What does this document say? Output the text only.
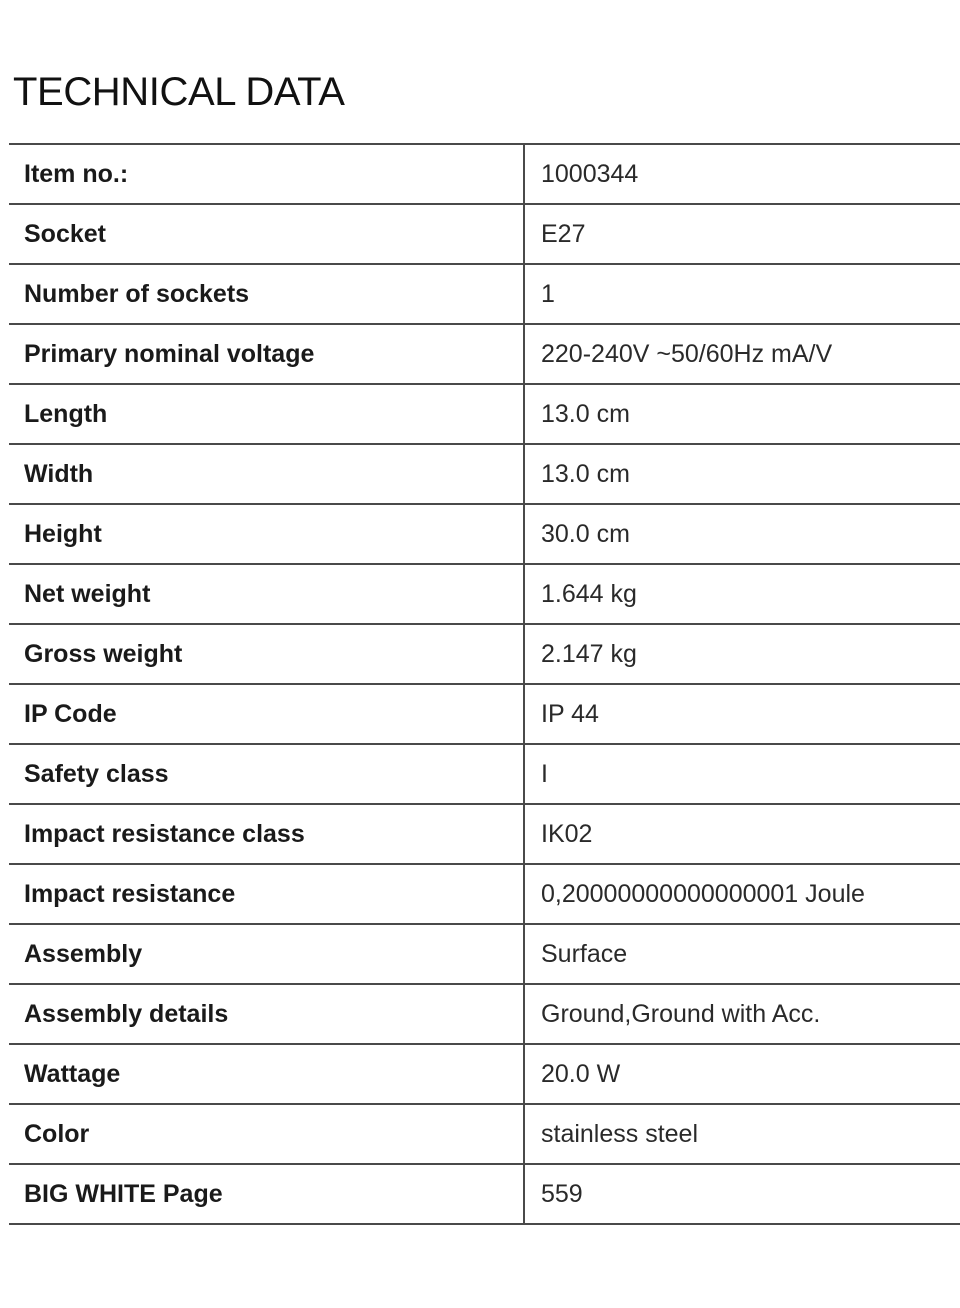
TECHNICAL DATA
Item no.:	1000344
Socket	E27
Number of sockets	1
Primary nominal voltage	220-240V ~50/60Hz mA/V
Length	13.0 cm
Width	13.0 cm
Height	30.0 cm
Net weight	1.644 kg
Gross weight	2.147 kg
IP Code	IP 44
Safety class	I
Impact resistance class	IK02
Impact resistance	0,20000000000000001 Joule
Assembly	Surface
Assembly details	Ground,Ground with Acc.
Wattage	20.0 W
Color	stainless steel
BIG WHITE Page	559
